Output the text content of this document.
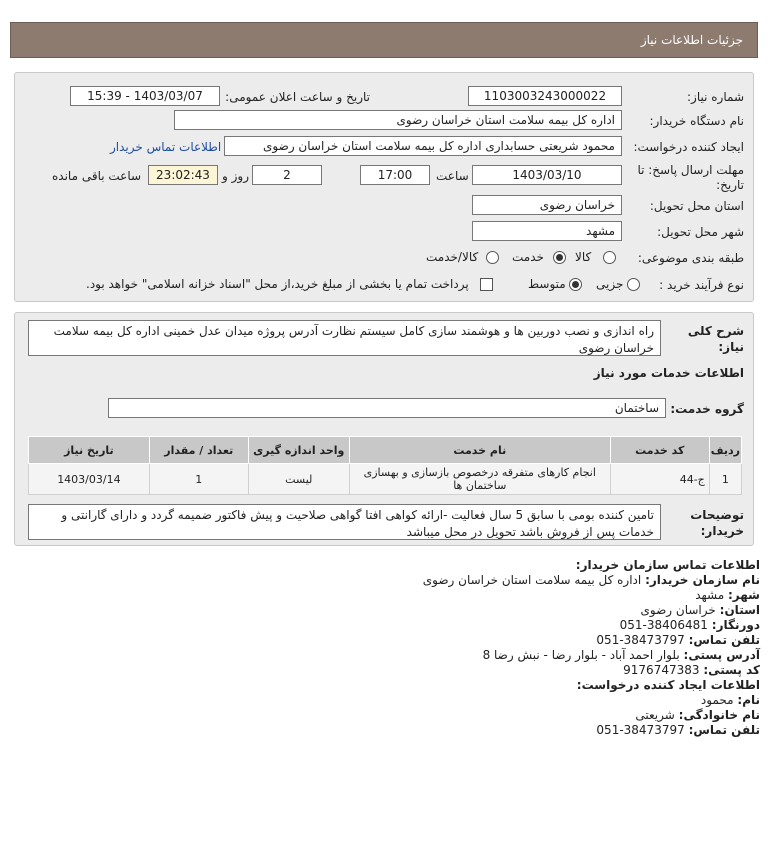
جزئیات اطلاعات نیاز
شماره نیاز:
1103003243000022
تاریخ و ساعت اعلان عمومی:
1403/03/07 - 15:39
نام دستگاه خریدار:
اداره کل بیمه سلامت استان خراسان رضوی
ایجاد کننده درخواست:
محمود شریعتی حسابداری اداره کل بیمه سلامت استان خراسان رضوی
اطلاعات تماس خریدار
مهلت ارسال پاسخ: تا
تاریخ:
1403/03/10
ساعت
17:00
2
روز و
23:02:43
ساعت باقی مانده
استان محل تحویل:
خراسان رضوی
شهر محل تحویل:
مشهد
طبقه بندی موضوعی:
کالا
خدمت
کالا/خدمت
نوع فرآیند خرید :
جزیی
متوسط
پرداخت تمام یا بخشی از مبلغ خرید،از محل "اسناد خزانه اسلامی" خواهد بود.
شرح کلی
نیاز:
راه اندازی و نصب دوربین ها و هوشمند سازی کامل سیستم نظارت آدرس پروژه میدان عدل خمینی اداره کل بیمه سلامت خراسان رضوی
اطلاعات خدمات مورد نیاز
گروه خدمت:
ساختمان
ردیف	کد خدمت	نام خدمت	واحد اندازه گیری	تعداد / مقدار	تاریخ نیاز
1	ج-44	انجام کارهای متفرقه درخصوص بازسازی و بهسازی ساختمان ها	لیست	1	1403/03/14
توضیحات
خریدار:
تامین کننده بومی با سابق 5 سال فعالیت -ارائه کواهی افتا گواهی صلاحیت و پیش فاکتور ضمیمه گردد و دارای گارانتی و خدمات پس از فروش باشد تحویل در محل میباشد
اطلاعات تماس سازمان خریدار:
نام سازمان خریدار: اداره کل بیمه سلامت استان خراسان رضوی
شهر: مشهد
استان: خراسان رضوی
دورنگار: 051-38406481
تلفن تماس: 051-38473797
آدرس پستی: بلوار احمد آباد - بلوار رضا - نبش رضا 8
کد پستی: 9176747383
اطلاعات ایجاد کننده درخواست:
نام: محمود
نام خانوادگی: شریعتی
تلفن تماس: 051-38473797
